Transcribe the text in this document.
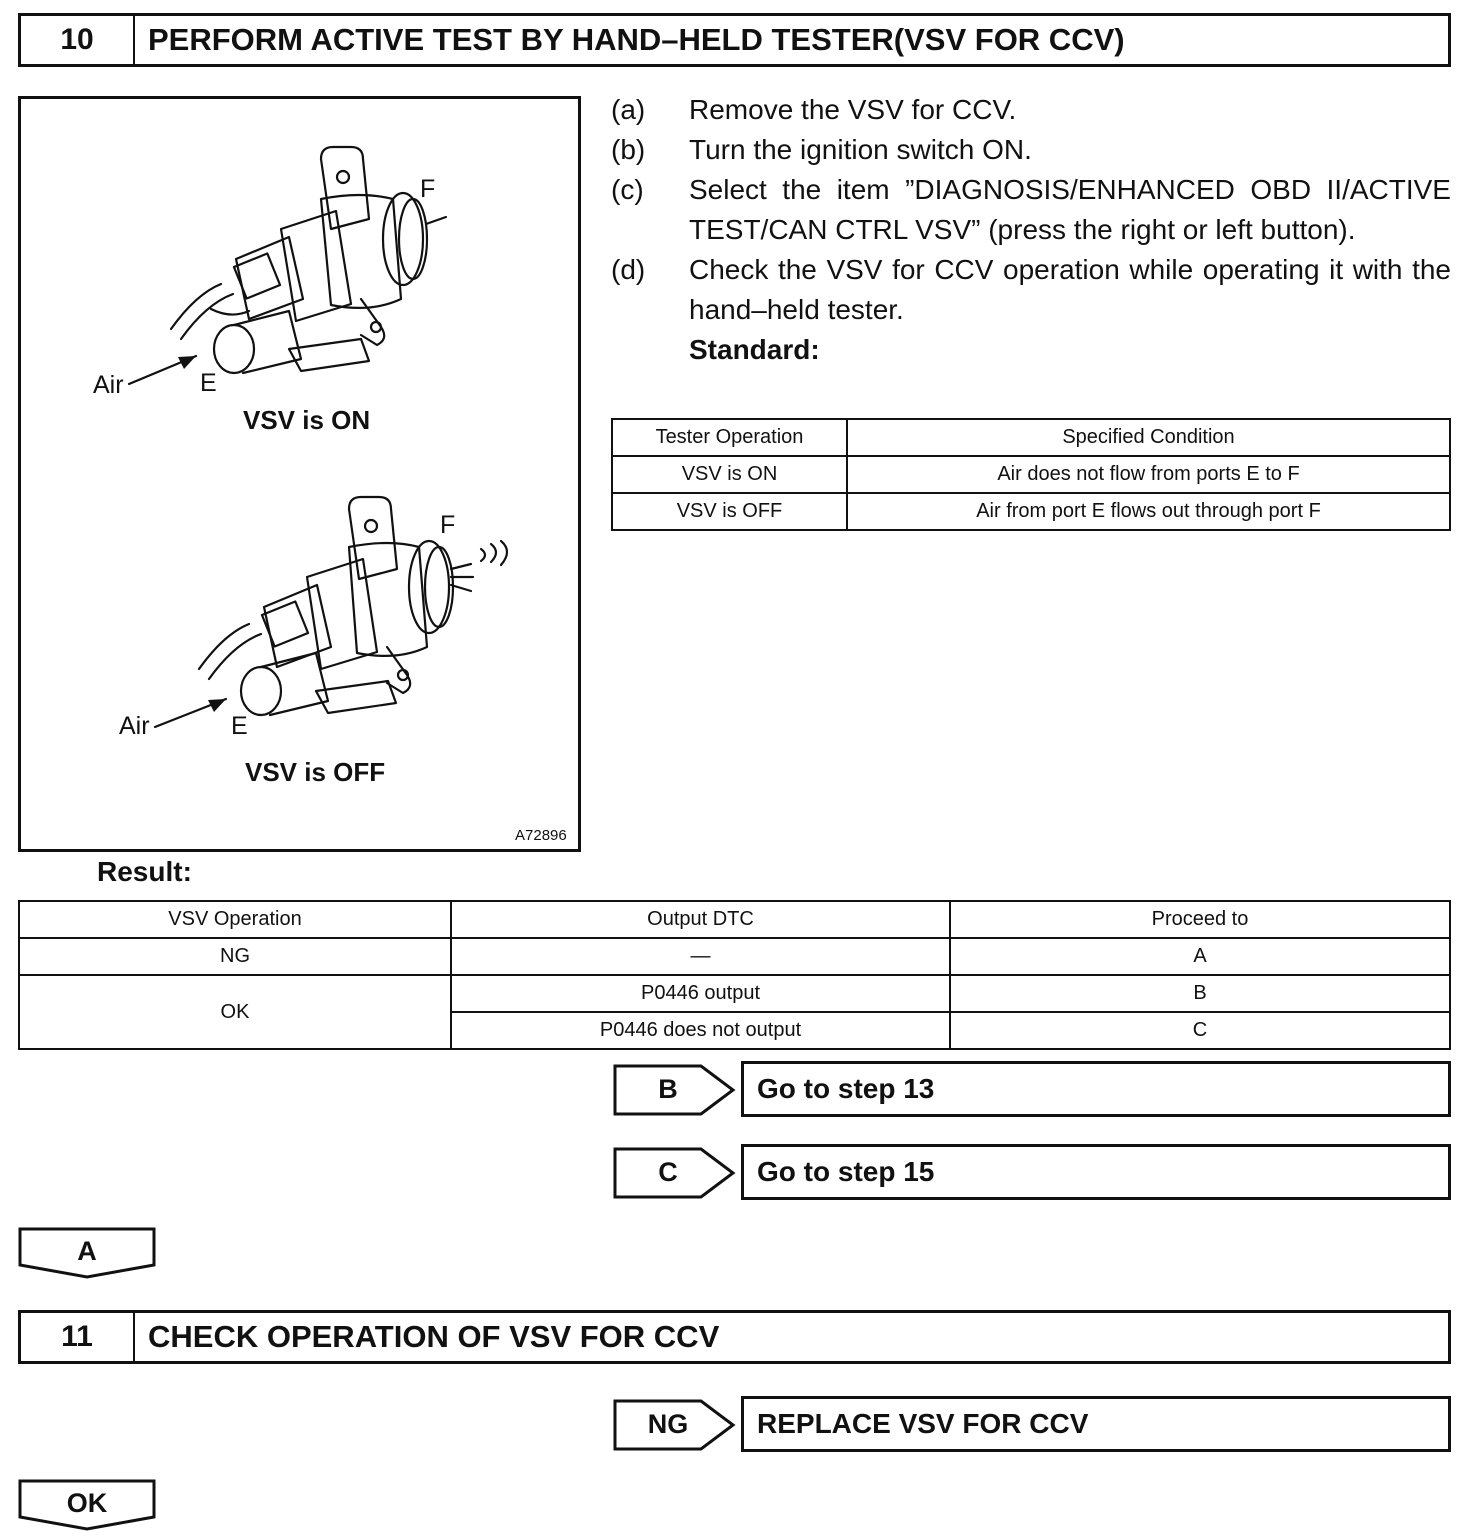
10	PERFORM ACTIVE TEST BY HAND–HELD TESTER(VSV FOR CCV)
F
Air	E
VSV is ON
F
Air	E
VSV is OFF
A72896
(a)	Remove the VSV for CCV.
(b)	Turn the ignition switch ON.
(c)	Select the item ”DIAGNOSIS/ENHANCED OBD II/ACTIVE TEST/CAN CTRL VSV” (press the right or left button).
(d)	Check the VSV for CCV operation while operating it with the hand–held tester.
Standard:
Tester Operation	Specified Condition
VSV is ON	Air does not flow from ports E to F
VSV is OFF	Air from port E flows out through port F
Result:
VSV Operation	Output DTC	Proceed to
NG	—	A
OK	P0446 output	B
	P0446 does not output	C
B	Go to step 13
C	Go to step 15
A
11	CHECK OPERATION OF VSV FOR CCV
NG	REPLACE VSV FOR CCV
OK
